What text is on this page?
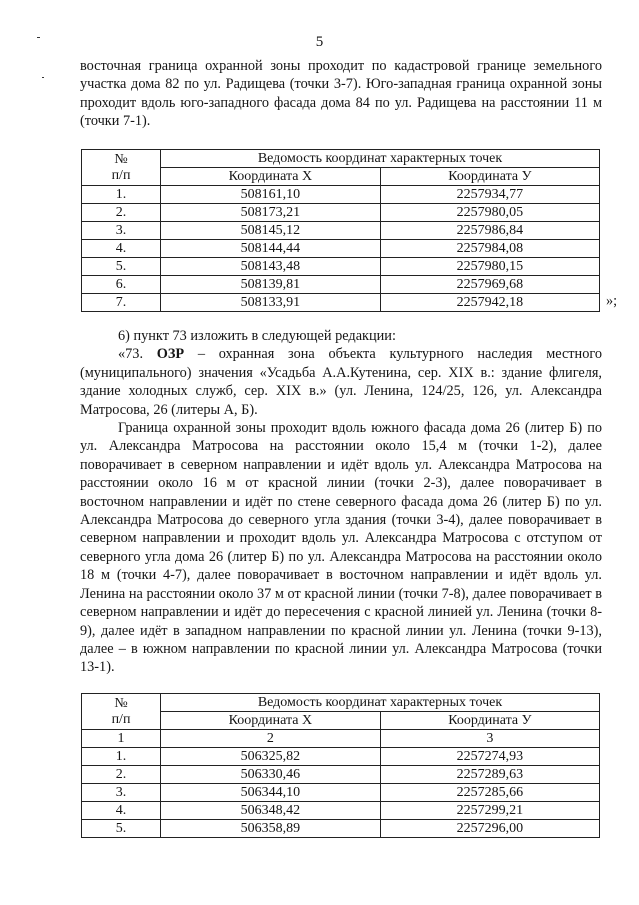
5

восточная граница охранной зоны проходит по кадастровой границе земельного участка дома 82 по ул. Радищева (точки 3-7). Юго-западная граница охранной зоны проходит вдоль юго-западного фасада дома 84 по ул. Радищева на расстоянии 11 м (точки 7-1).

№
п/п	Ведомость координат характерных точек	
	Координата Х	Координата У
1.	508161,10	2257934,77
2.	508173,21	2257980,05
3.	508145,12	2257986,84
4.	508144,44	2257984,08
5.	508143,48	2257980,15
6.	508139,81	2257969,68
7.	508133,91	2257942,18	»;

6) пункт 73 изложить в следующей редакции:

«73. ОЗР – охранная зона объекта культурного наследия местного (муниципального) значения «Усадьба А.А.Кутенина, сер. XIX в.: здание флигеля, здание холодных служб, сер. XIX в.» (ул. Ленина, 124/25, 126, ул. Александра Матросова, 26 (литеры А, Б).

Граница охранной зоны проходит вдоль южного фасада дома 26 (литер Б) по ул. Александра Матросова на расстоянии около 15,4 м (точки 1-2), далее поворачивает в северном направлении и идёт вдоль ул. Александра Матросова на расстоянии около 16 м от красной линии (точки 2-3), далее поворачивает в восточном направлении и идёт по стене северного фасада дома 26 (литер Б) по ул. Александра Матросова до северного угла здания (точки 3-4), далее поворачивает в северном направлении и проходит вдоль ул. Александра Матросова с отступом от северного угла дома 26 (литер Б) по ул. Александра Матросова на расстоянии около 18 м (точки 4-7), далее поворачивает в восточном направлении и идёт вдоль ул. Ленина на расстоянии около 37 м от красной линии (точки 7-8), далее поворачивает в северном направлении и идёт до пересечения с красной линией ул. Ленина (точки 8-9), далее идёт в западном направлении по красной линии ул. Ленина (точки 9-13), далее – в южном направлении по красной линии ул. Александра Матросова (точки 13-1).

№
п/п	Ведомость координат характерных точек	
	Координата Х	Координата У
1	2	3
1.	506325,82	2257274,93
2.	506330,46	2257289,63
3.	506344,10	2257285,66
4.	506348,42	2257299,21
5.	506358,89	2257296,00
